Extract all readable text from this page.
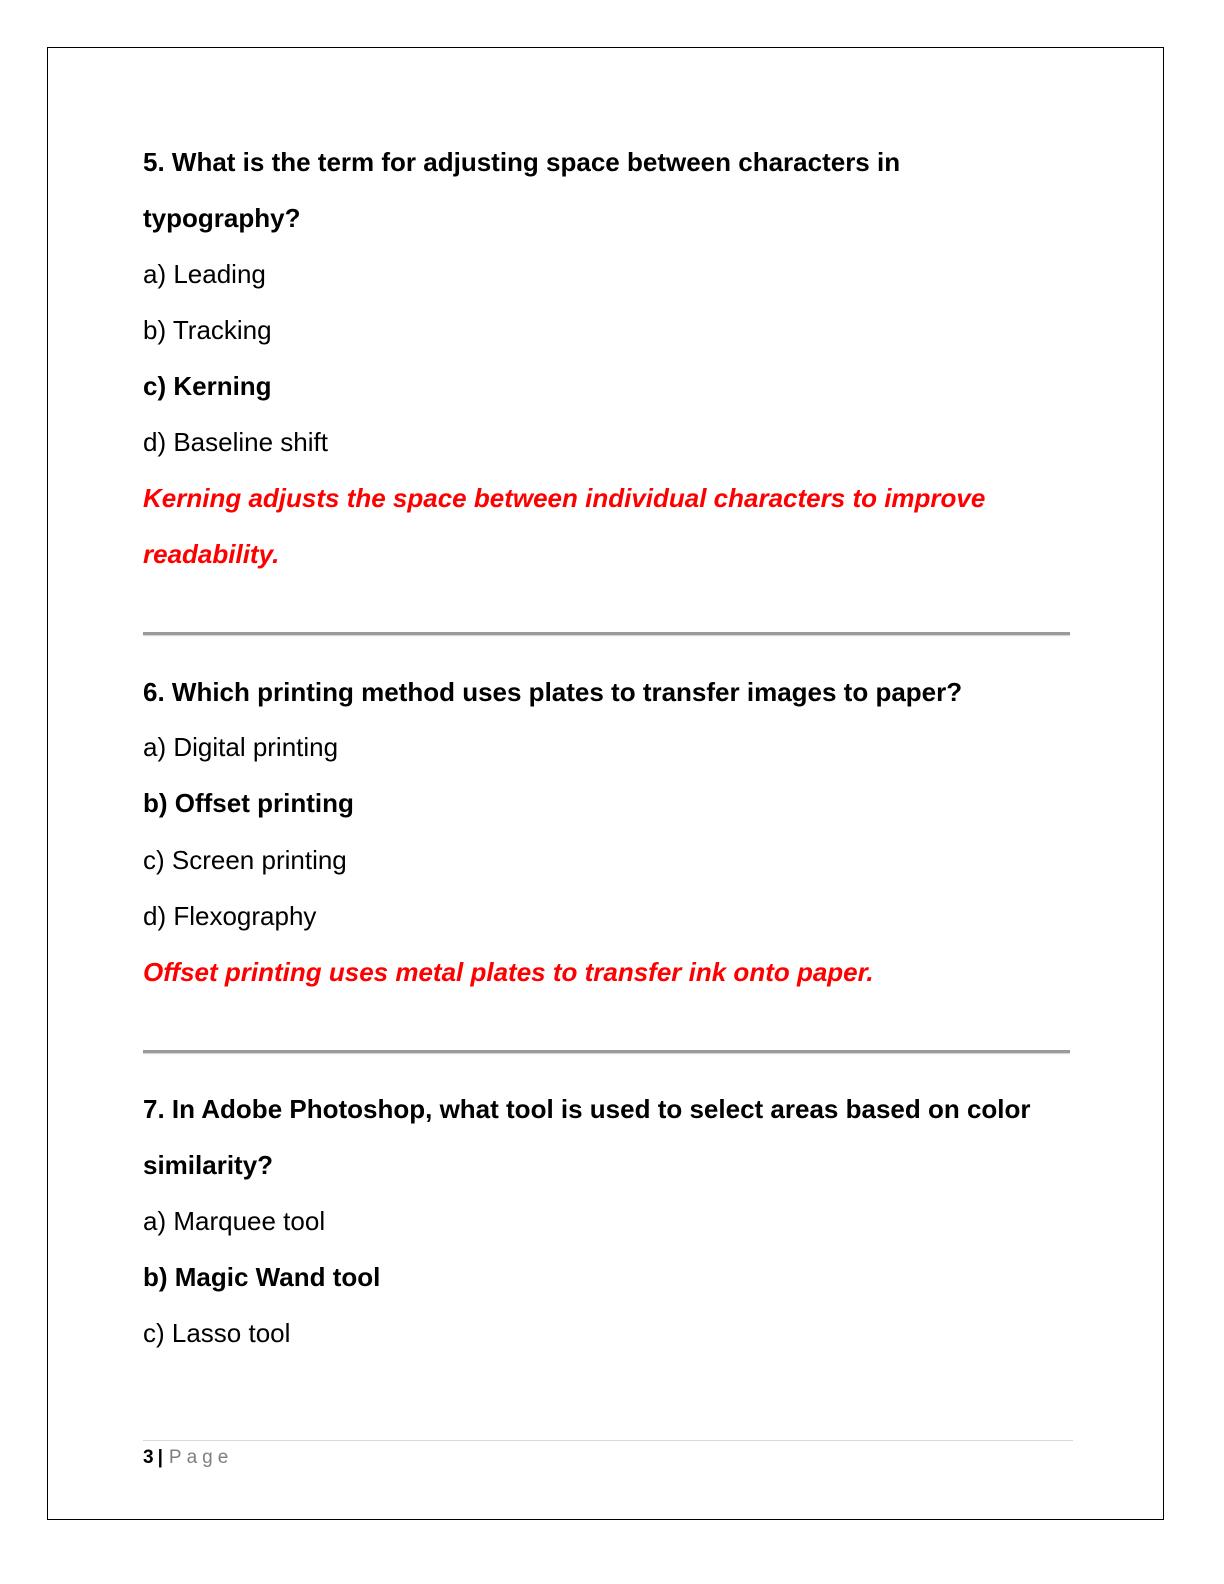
5. What is the term for adjusting space between characters in
typography?
a) Leading
b) Tracking
c) Kerning
d) Baseline shift
Kerning adjusts the space between individual characters to improve
readability.
6. Which printing method uses plates to transfer images to paper?
a) Digital printing
b) Offset printing
c) Screen printing
d) Flexography
Offset printing uses metal plates to transfer ink onto paper.
7. In Adobe Photoshop, what tool is used to select areas based on color
similarity?
a) Marquee tool
b) Magic Wand tool
c) Lasso tool
3 | Page
